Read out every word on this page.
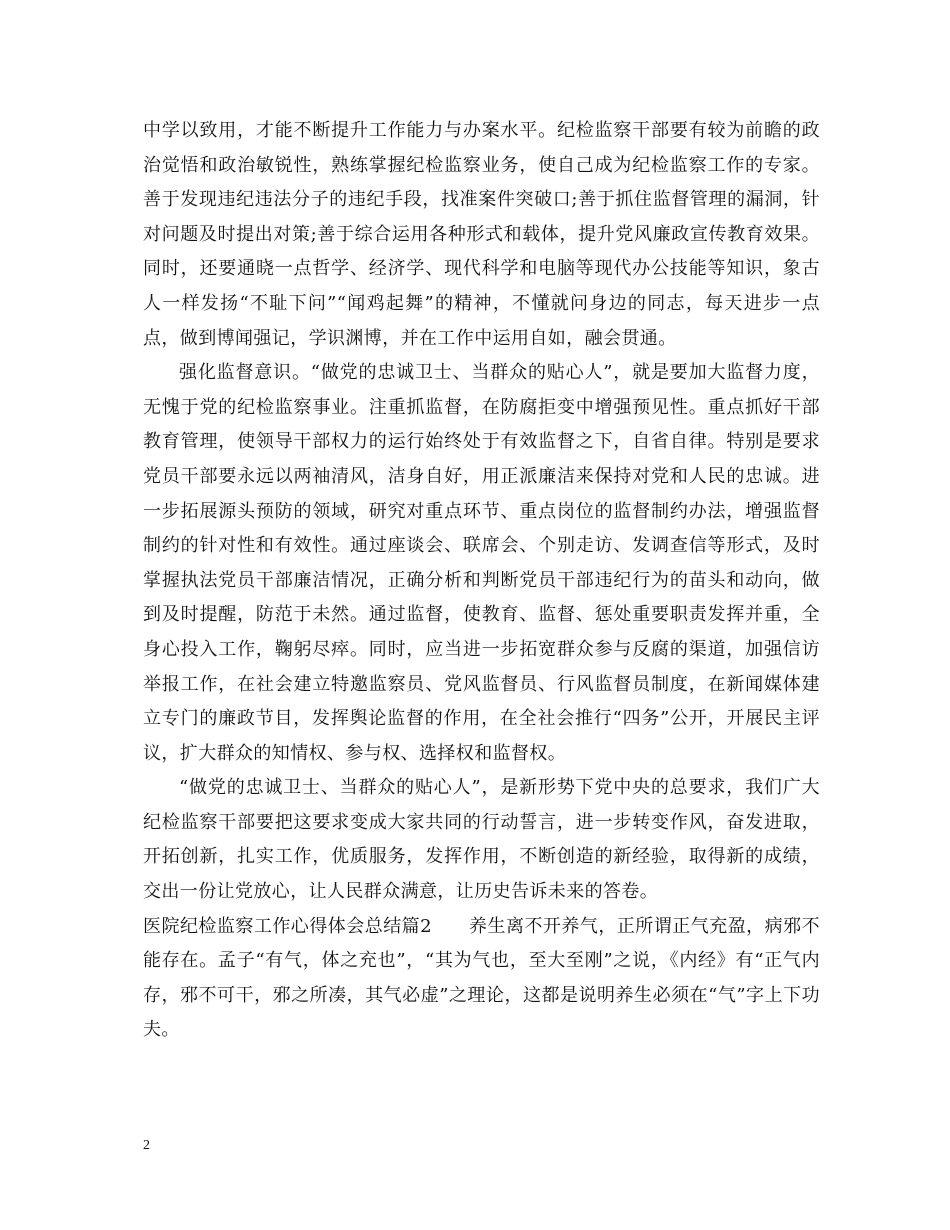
中学以致用，才能不断提升工作能力与办案水平。纪检监察干部要有较为前瞻的政治觉悟和政治敏锐性，熟练掌握纪检监察业务，使自己成为纪检监察工作的专家。善于发现违纪违法分子的违纪手段，找准案件突破口;善于抓住监督管理的漏洞，针对问题及时提出对策;善于综合运用各种形式和载体，提升党风廉政宣传教育效果。同时，还要通晓一点哲学、经济学、现代科学和电脑等现代办公技能等知识，象古人一样发扬“不耻下问”“闻鸡起舞”的精神，不懂就问身边的同志，每天进步一点点，做到博闻强记，学识渊博，并在工作中运用自如，融会贯通。

强化监督意识。“做党的忠诚卫士、当群众的贴心人”，就是要加大监督力度，无愧于党的纪检监察事业。注重抓监督，在防腐拒变中增强预见性。重点抓好干部教育管理，使领导干部权力的运行始终处于有效监督之下，自省自律。特别是要求党员干部要永远以两袖清风，洁身自好，用正派廉洁来保持对党和人民的忠诚。进一步拓展源头预防的领域，研究对重点环节、重点岗位的监督制约办法，增强监督制约的针对性和有效性。通过座谈会、联席会、个别走访、发调查信等形式，及时掌握执法党员干部廉洁情况，正确分析和判断党员干部违纪行为的苗头和动向，做到及时提醒，防范于未然。通过监督，使教育、监督、惩处重要职责发挥并重，全身心投入工作，鞠躬尽瘁。同时，应当进一步拓宽群众参与反腐的渠道，加强信访举报工作，在社会建立特邀监察员、党风监督员、行风监督员制度，在新闻媒体建立专门的廉政节目，发挥舆论监督的作用，在全社会推行“四务”公开，开展民主评议，扩大群众的知情权、参与权、选择权和监督权。

“做党的忠诚卫士、当群众的贴心人”，是新形势下党中央的总要求，我们广大纪检监察干部要把这要求变成大家共同的行动誓言，进一步转变作风，奋发进取，开拓创新，扎实工作，优质服务，发挥作用，不断创造的新经验，取得新的成绩，交出一份让党放心，让人民群众满意，让历史告诉未来的答卷。

医院纪检监察工作心得体会总结篇2　　养生离不开养气，正所谓正气充盈，病邪不能存在。孟子“有气，体之充也”，“其为气也，至大至刚”之说，《内经》有“正气内存，邪不可干，邪之所凑，其气必虚”之理论，这都是说明养生必须在“气”字上下功夫。

2
